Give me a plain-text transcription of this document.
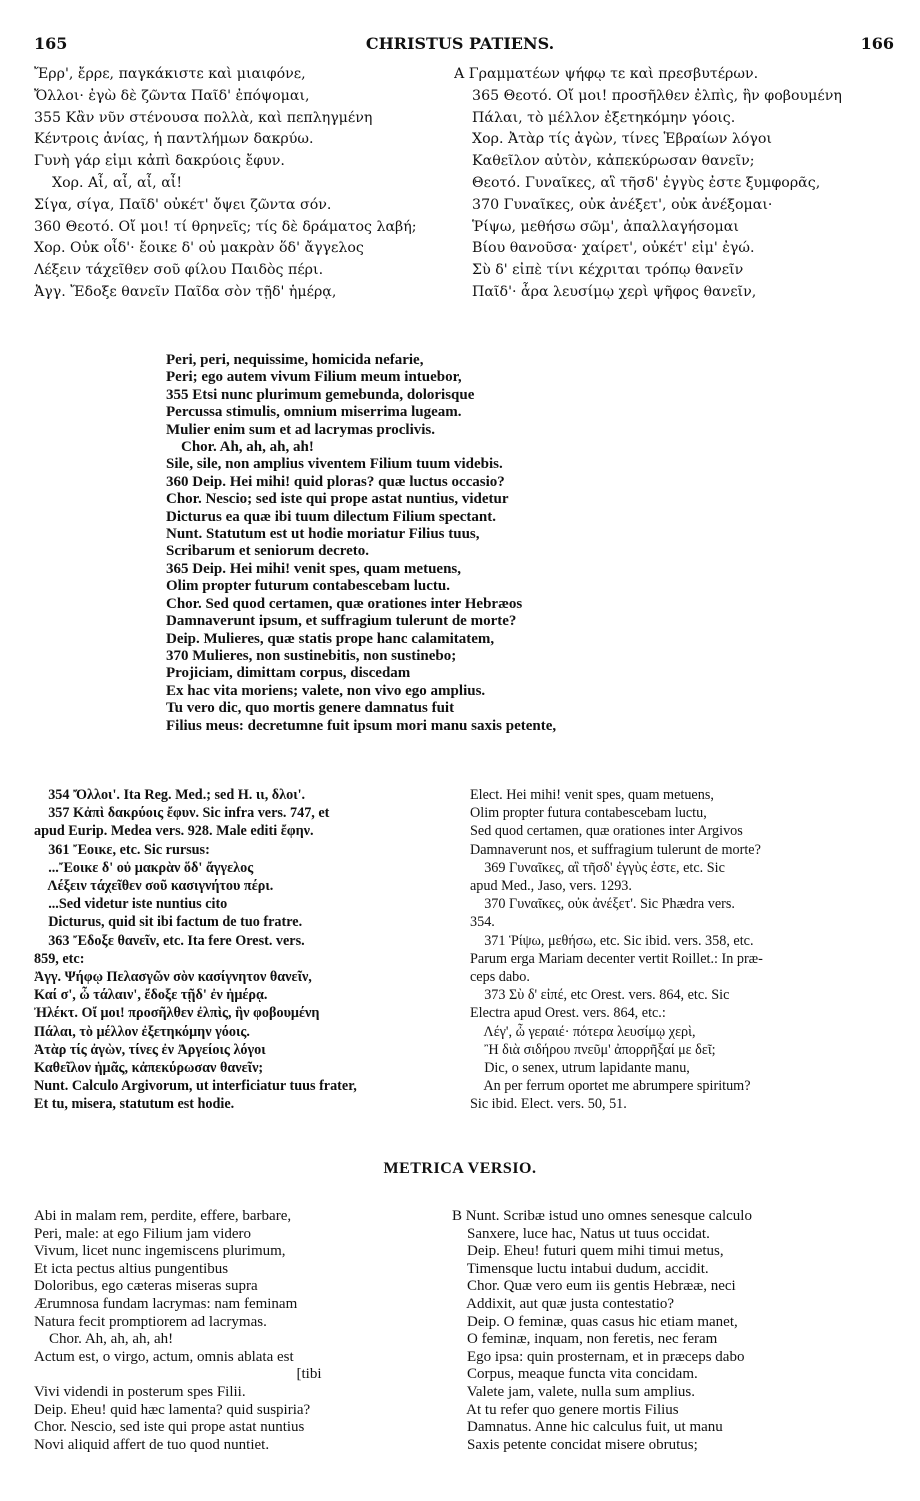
165	CHRISTUS PATIENS.	166
Ἔρρ', ἔρρε, παγκάκιστε καὶ μιαιφόνε,
Ὄλλοι· ἐγὼ δὲ ζῶντα Παῖδ' ἐπόψομαι,
355 Κἂν νῦν στένουσα πολλὰ, καὶ πεπληγμένη
Κέντροις ἀνίας, ἡ παντλήμων δακρύω.
Γυνὴ γάρ εἰμι κἀπὶ δακρύοις ἔφυν.
Χορ. Αἶ, αἶ, αἶ, αἶ!
Σίγα, σίγα, Παῖδ' οὐκέτ' ὄψει ζῶντα σόν.
360 Θεοτό. Οἴ μοι! τί θρηνεῖς; τίς δὲ δράματος λαβή;
Χορ. Οὐκ οἶδ'· ἔοικε δ' οὐ μακρὰν ὅδ' ἄγγελος
Λέξειν τάχεῖθεν σοῦ φίλου Παιδὸς πέρι.
Ἀγγ. Ἔδοξε θανεῖν Παῖδα σὸν τῇδ' ἡμέρᾳ,
A Γραμματέων ψήφῳ τε καὶ πρεσβυτέρων.
365 Θεοτό. Οἴ μοι! προσῆλθεν ἐλπὶς, ἣν φοβουμένη
Πάλαι, τὸ μέλλον ἐξετηκόμην γόοις.
Χορ. Ἀτὰρ τίς ἀγὼν, τίνες Ἑβραίων λόγοι
Καθεῖλον αὐτὸν, κἀπεκύρωσαν θανεῖν;
Θεοτό. Γυναῖκες, αἳ τῆσδ' ἐγγὺς ἐστε ξυμφορᾶς,
370 Γυναῖκες, οὐκ ἀνέξετ', οὐκ ἀνέξομαι·
Ῥίψω, μεθήσω σῶμ', ἀπαλλαγήσομαι
Βίου θανοῦσα· χαίρετ', οὐκέτ' εἰμ' ἐγώ.
Σὺ δ' εἰπὲ τίνι κέχριται τρόπῳ θανεῖν
Παῖδ'· ἆρα λευσίμῳ χερὶ ψῆφος θανεῖν,
Peri, peri, nequissime, homicida nefarie,
Peri; ego autem vivum Filium meum intuebor,
355 Etsi nunc plurimum gemebunda, dolorisque
Percussa stimulis, omnium miserrima lugeam.
Mulier enim sum et ad lacrymas proclivis.
Chor. Ah, ah, ah, ah!
Sile, sile, non amplius viventem Filium tuum videbis.
360 Deip. Hei mihi! quid ploras? quæ luctus occasio?
Chor. Nescio; sed iste qui prope astat nuntius, videtur
Dicturus ea quæ ibi tuum dilectum Filium spectant.
Nunt. Statutum est ut hodie moriatur Filius tuus,
Scribarum et seniorum decreto.
365 Deip. Hei mihi! venit spes, quam metuens,
Olim propter futurum contabescebam luctu.
Chor. Sed quod certamen, quæ orationes inter Hebræos
Damnaverunt ipsum, et suffragium tulerunt de morte?
Deip. Mulieres, quæ statis prope hanc calamitatem,
370 Mulieres, non sustinebitis, non sustinebo;
Projiciam, dimittam corpus, discedam
Ex hac vita moriens; valete, non vivo ego amplius.
Tu vero dic, quo mortis genere damnatus fuit
Filius meus: decretumne fuit ipsum mori manu saxis petente,
354 Ὄλλοι'. Ita Reg. Med.; sed H. ιι, δλοι'.
357 Κἀπὶ δακρύοις ἔφυν. Sic infra vers. 747, et
apud Eurip. Medea vers. 928. Male editi ἔφην.
361 Ἔοικε, etc. Sic rursus:
...Ἔοικε δ' οὐ μακρὰν ὅδ' ἄγγελος
Λέξειν τάχεῖθεν σοῦ κασιγνήτου πέρι.
...Sed videtur iste nuntius cito
Dicturus, quid sit ibi factum de tuo fratre.
363 Ἔδοξε θανεῖν, etc. Ita fere Orest. vers.
859, etc:
Ἀγγ. Ψήφῳ Πελασγῶν σὸν κασίγνητον θανεῖν,
Καί σ', ὦ τάλαιν', ἔδοξε τῇδ' ἐν ἡμέρᾳ.
Ἠλέκτ. Οἴ μοι! προσῆλθεν ἐλπὶς, ἣν φοβουμένη
Πάλαι, τὸ μέλλον ἐξετηκόμην γόοις.
Ἀτὰρ τίς ἀγὼν, τίνες ἐν Ἀργείοις λόγοι
Καθεῖλον ἡμᾶς, κἀπεκύρωσαν θανεῖν;
Nunt. Calculo Argivorum, ut interficiatur tuus frater,
Et tu, misera, statutum est hodie.
Elect. Hei mihi! venit spes, quam metuens,
Olim propter futura contabescebam luctu,
Sed quod certamen, quæ orationes inter Argivos
Damnaverunt nos, et suffragium tulerunt de morte?
369 Γυναῖκες, αἳ τῆσδ' ἐγγὺς ἐστε, etc. Sic
apud Med., Jaso, vers. 1293.
370 Γυναῖκες, οὐκ ἀνέξετ'. Sic Phædra vers.
354.
371 Ῥίψω, μεθήσω, etc. Sic ibid. vers. 358, etc.
Parum erga Mariam decenter vertit Roillet.: In præ-
ceps dabo.
373 Σὺ δ' εἰπέ, etc Orest. vers. 864, etc. Sic
Electra apud Orest. vers. 864, etc.:
Λέγ', ὦ γεραιέ· πότερα λευσίμῳ χερὶ,
Ἢ διὰ σιδήρου πνεῦμ' ἀπορρῆξαί με δεῖ;
Dic, o senex, utrum lapidante manu,
An per ferrum oportet me abrumpere spiritum?
Sic ibid. Elect. vers. 50, 51.
METRICA VERSIO.
Abi in malam rem, perdite, effere, barbare,
Peri, male: at ego Filium jam videro
Vivum, licet nunc ingemiscens plurimum,
Et icta pectus altius pungentibus
Doloribus, ego cæteras miseras supra
Ærumnosa fundam lacrymas: nam feminam
Natura fecit promptiorem ad lacrymas.
Chor. Ah, ah, ah, ah!
Actum est, o virgo, actum, omnis ablata est
[tibi
Vivi videndi in posterum spes Filii.
Deip. Eheu! quid hæc lamenta? quid suspiria?
Chor. Nescio, sed iste qui prope astat nuntius
Novi aliquid affert de tuo quod nuntiet.
B Nunt. Scribæ istud uno omnes senesque calculo
Sanxere, luce hac, Natus ut tuus occidat.
Deip. Eheu! futuri quem mihi timui metus,
Timensque luctu intabui dudum, accidit.
Chor. Quæ vero eum iis gentis Hebrææ, neci
Addixit, aut quæ justa contestatio?
Deip. O feminæ, quas casus hic etiam manet,
O feminæ, inquam, non feretis, nec feram
Ego ipsa: quin prosternam, et in præceps dabo
Corpus, meaque functa vita concidam.
Valete jam, valete, nulla sum amplius.
At tu refer quo genere mortis Filius
Damnatus. Anne hic calculus fuit, ut manu
Saxis petente concidat misere obrutus;
